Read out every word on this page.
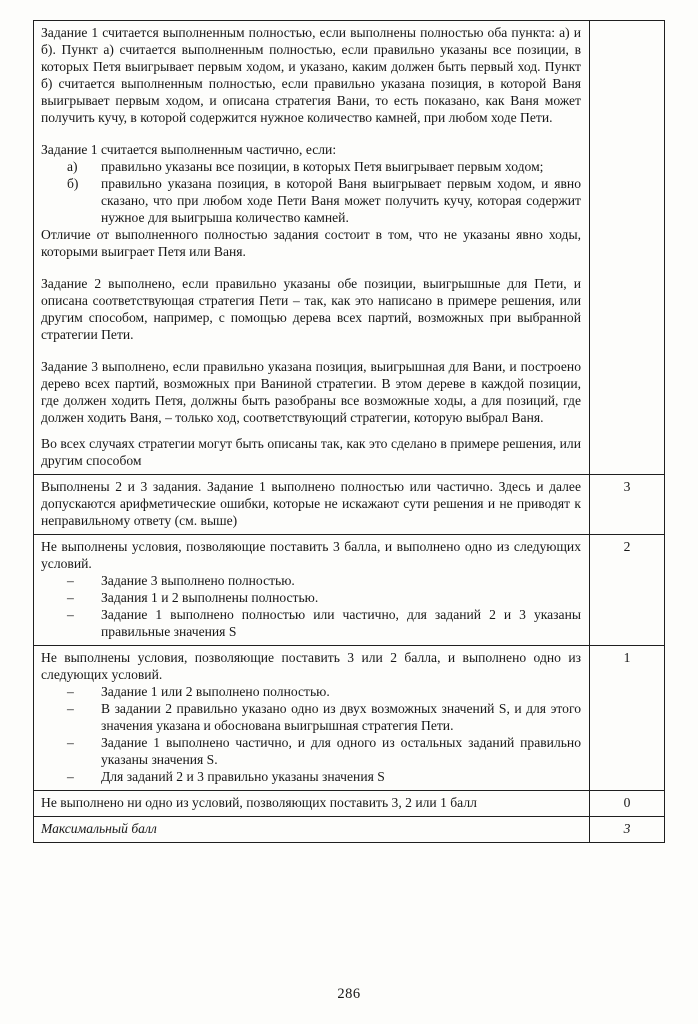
Задание 1 считается выполненным полностью, если выполнены полностью оба пункта: а) и б). Пункт а) считается выполненным полностью, если правильно указаны все позиции, в которых Петя выигрывает первым ходом, и указано, каким должен быть первый ход. Пункт б) считается выполненным полностью, если правильно указана позиция, в которой Ваня выигрывает первым ходом, и описана стратегия Вани, то есть показано, как Ваня может получить кучу, в которой содержится нужное количество камней, при любом ходе Пети.

Задание 1 считается выполненным частично, если:

а) правильно указаны все позиции, в которых Петя выигрывает первым ходом;
б) правильно указана позиция, в которой Ваня выигрывает первым ходом, и явно сказано, что при любом ходе Пети Ваня может получить кучу, которая содержит нужное для выигрыша количество камней.

Отличие от выполненного полностью задания состоит в том, что не указаны явно ходы, которыми выиграет Петя или Ваня.

Задание 2 выполнено, если правильно указаны обе позиции, выигрышные для Пети, и описана соответствующая стратегия Пети – так, как это написано в примере решения, или другим способом, например, с помощью дерева всех партий, возможных при выбранной стратегии Пети.

Задание 3 выполнено, если правильно указана позиция, выигрышная для Вани, и построено дерево всех партий, возможных при Ваниной стратегии. В этом дереве в каждой позиции, где должен ходить Петя, должны быть разобраны все возможные ходы, а для позиций, где должен ходить Ваня, – только ход, соответствующий стратегии, которую выбрал Ваня.

Во всех случаях стратегии могут быть описаны так, как это сделано в примере решения, или другим способом

Выполнены 2 и 3 задания. Задание 1 выполнено полностью или частично. Здесь и далее допускаются арифметические ошибки, которые не искажают сути решения и не приводят к неправильному ответу (см. выше)	3

Не выполнены условия, позволяющие поставить 3 балла, и выполнено одно из следующих условий.

– Задание 3 выполнено полностью.
– Задания 1 и 2 выполнены полностью.
– Задание 1 выполнено полностью или частично, для заданий 2 и 3 указаны правильные значения S	2

Не выполнены условия, позволяющие поставить 3 или 2 балла, и выполнено одно из следующих условий.

– Задание 1 или 2 выполнено полностью.
– В задании 2 правильно указано одно из двух возможных значений S, и для этого значения указана и обоснована выигрышная стратегия Пети.
– Задание 1 выполнено частично, и для одного из остальных заданий правильно указаны значения S.
– Для заданий 2 и 3 правильно указаны значения S	1

Не выполнено ни одно из условий, позволяющих поставить 3, 2 или 1 балл	0
Максимальный балл	3
286
